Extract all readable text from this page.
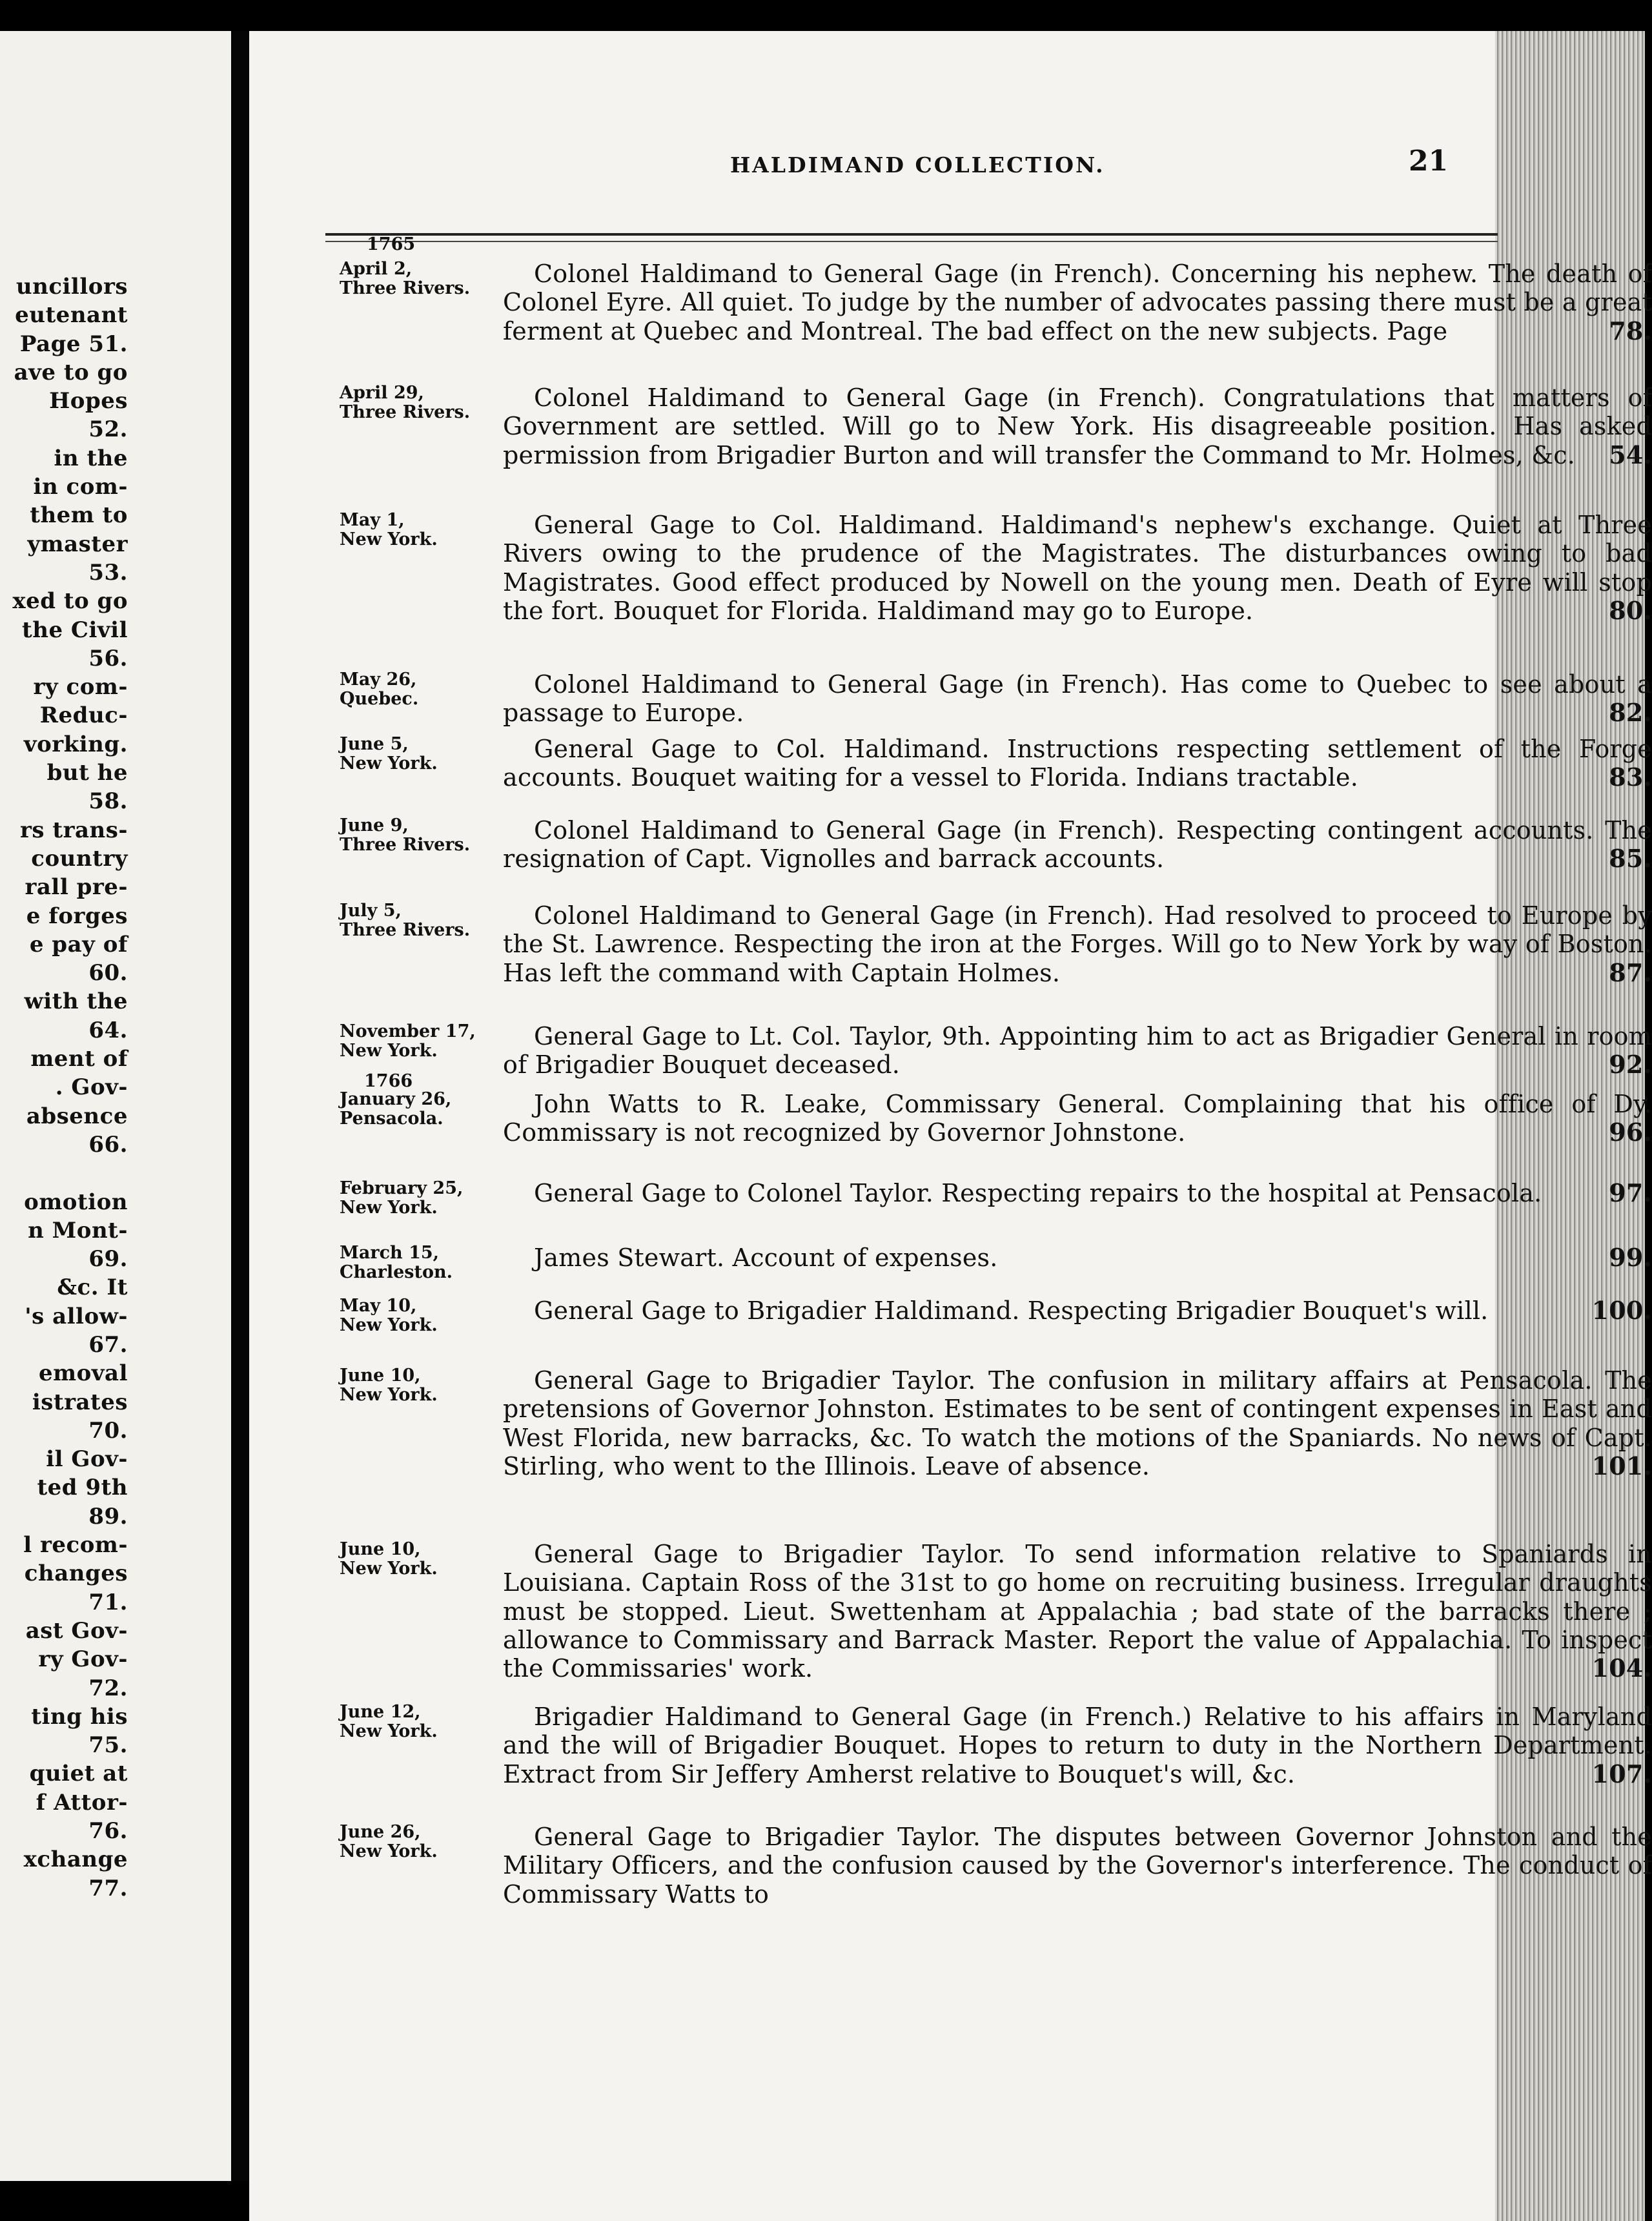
uncillors
eutenant
Page 51.
ave to go
Hopes
52.
in the
in com-
them to
ymaster
53.
xed to go
the Civil
56.
ry com-
Reduc-
vorking.
but he
58.
rs trans-
country
rall pre-
e forges
e pay of
60.
with the
64.
ment of
. Gov-
absence
66.
omotion
n Mont-
69.
&c. It
's allow-
67.
emoval
istrates
70.
il Gov-
ted 9th
89.
l recom-
changes
71.
ast Gov-
ry Gov-
72.
ting his
75.
quiet at
f Attor-
76.
xchange
77.
HALDIMAND COLLECTION.	21
1765
1766
April 2,
Three Rivers.
Colonel Haldimand to General Gage (in French). Concerning his nephew. The death of Colonel Eyre. All quiet. To judge by the number of advocates passing there must be a great ferment at Quebec and Montreal. The bad effect on the new subjects. Page	78.
April 29,
Three Rivers.
Colonel Haldimand to General Gage (in French). Congratulations that matters of Government are settled. Will go to New York. His disagreeable position. Has asked permission from Brigadier Burton and will transfer the Command to Mr. Holmes, &c. 54.
May 1,
New York.
General Gage to Col. Haldimand. Haldimand's nephew's exchange. Quiet at Three Rivers owing to the prudence of the Magistrates. The disturbances owing to bad Magistrates. Good effect produced by Nowell on the young men. Death of Eyre will stop the fort. Bouquet for Florida. Haldimand may go to Europe.	80.
May 26,
Quebec.
Colonel Haldimand to General Gage (in French). Has come to Quebec to see about a passage to Europe.	82.
June 5,
New York.
General Gage to Col. Haldimand. Instructions respecting settlement of the Forge accounts. Bouquet waiting for a vessel to Florida. Indians tractable.	83.
June 9,
Three Rivers.
Colonel Haldimand to General Gage (in French). Respecting contingent accounts. The resignation of Capt. Vignolles and barrack accounts.	85.
July 5,
Three Rivers.
Colonel Haldimand to General Gage (in French). Had resolved to proceed to Europe by the St. Lawrence. Respecting the iron at the Forges. Will go to New York by way of Boston. Has left the command with Captain Holmes.	87.
November 17,
New York.
General Gage to Lt. Col. Taylor, 9th. Appointing him to act as Brigadier General in room of Brigadier Bouquet deceased.	92.
January 26,
Pensacola.
John Watts to R. Leake, Commissary General. Complaining that his office of Dy. Commissary is not recognized by Governor Johnstone.	96.
February 25,
New York.
General Gage to Colonel Taylor. Respecting repairs to the hospital at Pensacola.	97.
March 15,
Charleston.
James Stewart. Account of expenses.	99.
May 10,
New York.
General Gage to Brigadier Haldimand. Respecting Brigadier Bouquet's will.	100.
June 10,
New York.
General Gage to Brigadier Taylor. The confusion in military affairs at Pensacola. The pretensions of Governor Johnston. Estimates to be sent of contingent expenses in East and West Florida, new barracks, &c. To watch the motions of the Spaniards. No news of Capt. Stirling, who went to the Illinois. Leave of absence.	101.
June 10,
New York.
General Gage to Brigadier Taylor. To send information relative to Spaniards in Louisiana. Captain Ross of the 31st to go home on recruiting business. Irregular draughts must be stopped. Lieut. Swettenham at Appalachia ; bad state of the barracks there ; allowance to Commissary and Barrack Master. Report the value of Appalachia. To inspect the Commissaries' work.	104.
June 12,
New York.
Brigadier Haldimand to General Gage (in French.) Relative to his affairs in Maryland and the will of Brigadier Bouquet. Hopes to return to duty in the Northern Department. Extract from Sir Jeffery Amherst relative to Bouquet's will, &c.	107.
June 26,
New York.
General Gage to Brigadier Taylor. The disputes between Governor Johnston and the Military Officers, and the confusion caused by the Governor's interference. The conduct of Commissary Watts to
